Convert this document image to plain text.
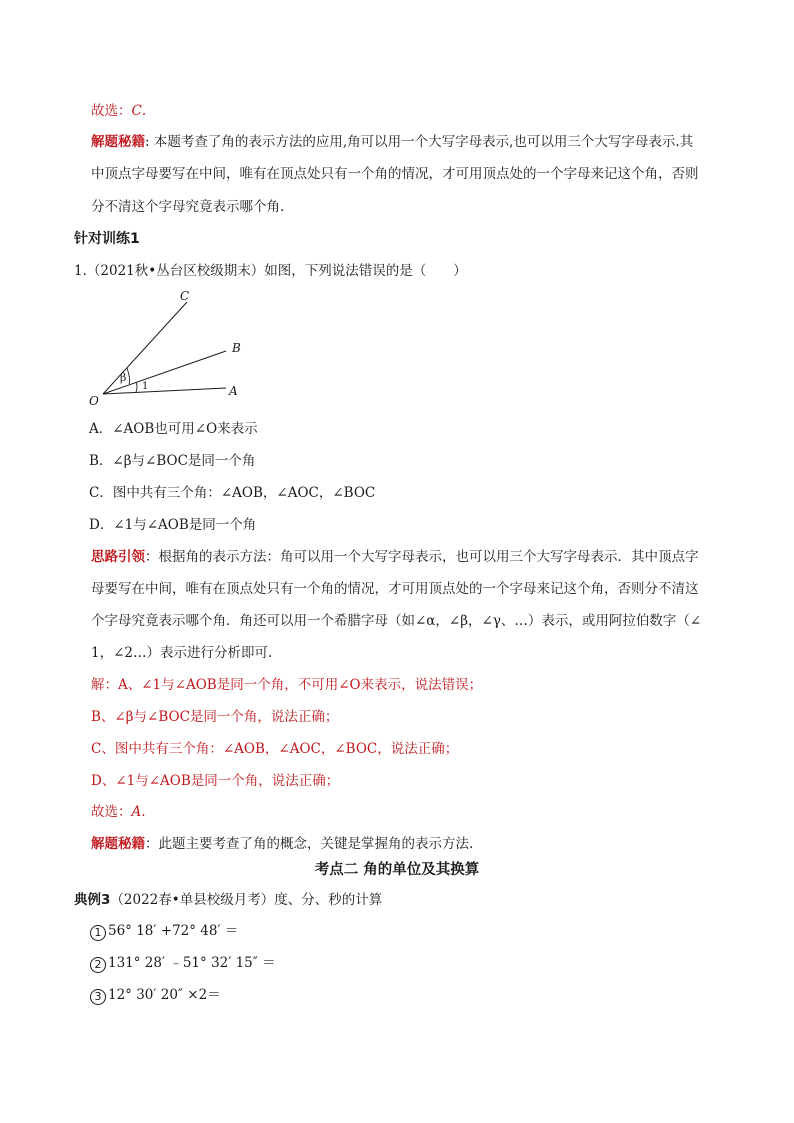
故选：C.
解题秘籍: 本题考查了角的表示方法的应用,角可以用一个大写字母表示,也可以用三个大写字母表示.其
中顶点字母要写在中间，唯有在顶点处只有一个角的情况，才可用顶点处的一个字母来记这个角，否则
分不清这个字母究竟表示哪个角.
针对训练1
1.（2021秋•丛台区校级期末）如图，下列说法错误的是（　　）
C
B
O
A
β
1
A．∠AOB也可用∠O来表示
B．∠β与∠BOC是同一个角
C．图中共有三个角：∠AOB，∠AOC，∠BOC
D．∠1与∠AOB是同一个角
思路引领：根据角的表示方法：角可以用一个大写字母表示，也可以用三个大写字母表示．其中顶点字
母要写在中间，唯有在顶点处只有一个角的情况，才可用顶点处的一个字母来记这个角，否则分不清这
个字母究竟表示哪个角．角还可以用一个希腊字母（如∠α，∠β，∠γ、…）表示，或用阿拉伯数字（∠
1，∠2…）表示进行分析即可.
解：A、∠1与∠AOB是同一个角，不可用∠O来表示，说法错误；
B、∠β与∠BOC是同一个角，说法正确；
C、图中共有三个角：∠AOB，∠AOC，∠BOC，说法正确；
D、∠1与∠AOB是同一个角，说法正确；
故选：A.
解题秘籍：此题主要考查了角的概念，关键是掌握角的表示方法.
考点二 角的单位及其换算
典例3（2022春•单县校级月考）度、分、秒的计算
1 56° 18′ +72° 48′ ＝
2 131° 28′ ﹣51° 32′ 15″ ＝
3 12° 30′ 20″ ×2＝
